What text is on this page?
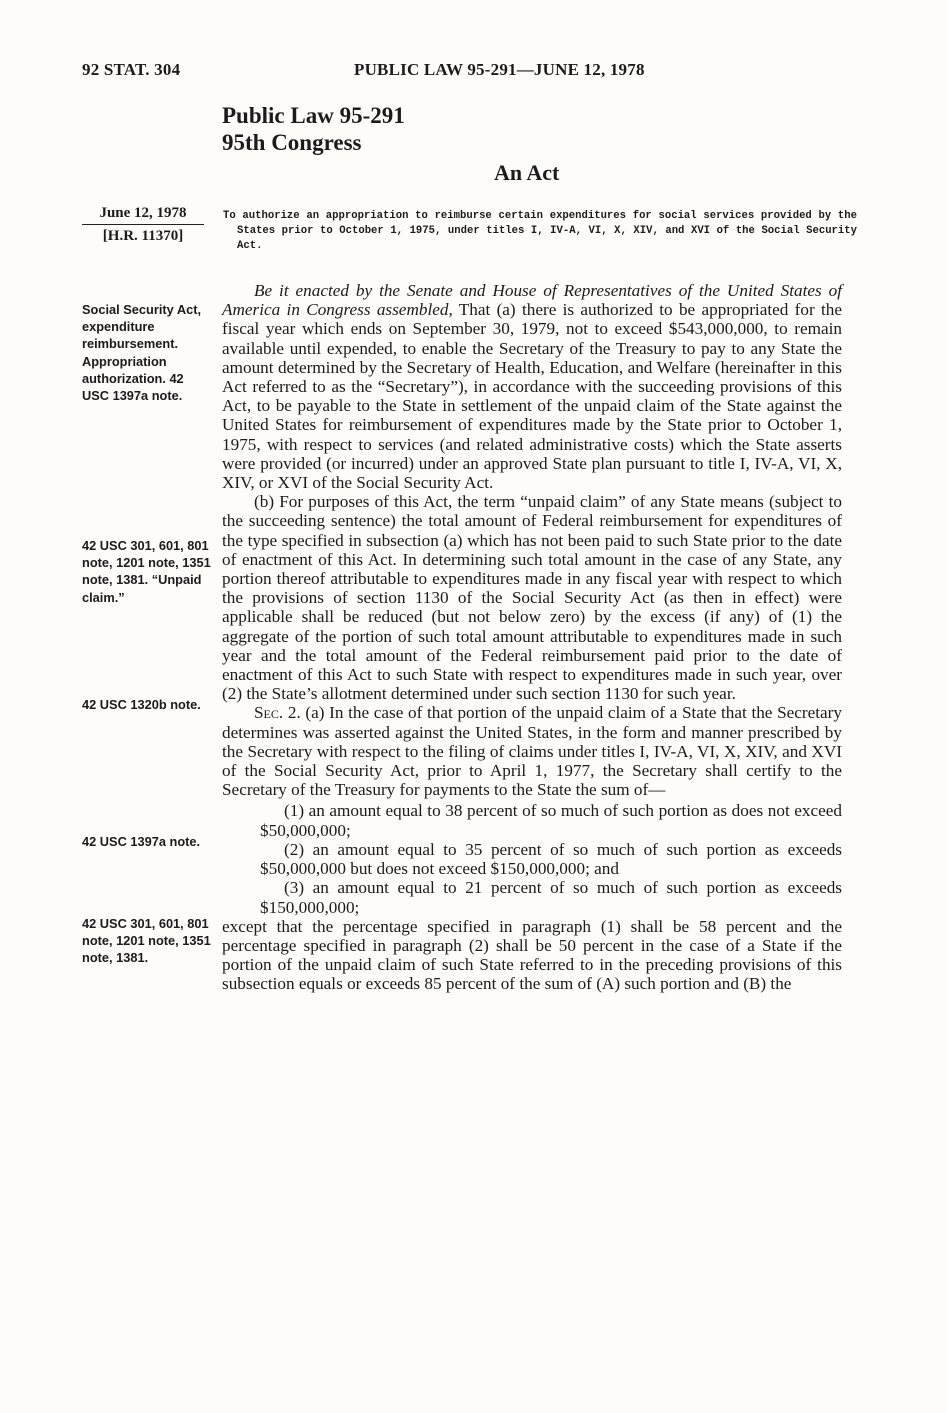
92 STAT. 304	PUBLIC LAW 95-291—JUNE 12, 1978
Public Law 95-291
95th Congress
An Act
June 12, 1978
[H.R. 11370]
To authorize an appropriation to reimburse certain expenditures for social services provided by the States prior to October 1, 1975, under titles I, IV-A, VI, X, XIV, and XVI of the Social Security Act.
Social Security Act, expenditure reimbursement. Appropriation authorization. 42 USC 1397a note.
42 USC 301, 601, 801 note, 1201 note, 1351 note, 1381. “Unpaid claim.”
42 USC 1320b note.
42 USC 1397a note.
42 USC 301, 601, 801 note, 1201 note, 1351 note, 1381.

Be it enacted by the Senate and House of Representatives of the United States of America in Congress assembled, That (a) there is authorized to be appropriated for the fiscal year which ends on September 30, 1979, not to exceed $543,000,000, to remain available until expended, to enable the Secretary of the Treasury to pay to any State the amount determined by the Secretary of Health, Education, and Welfare (hereinafter in this Act referred to as the “Secretary”), in accordance with the succeeding provisions of this Act, to be payable to the State in settlement of the unpaid claim of the State against the United States for reimbursement of expenditures made by the State prior to October 1, 1975, with respect to services (and related administrative costs) which the State asserts were provided (or incurred) under an approved State plan pursuant to title I, IV-A, VI, X, XIV, or XVI of the Social Security Act.

(b) For purposes of this Act, the term “unpaid claim” of any State means (subject to the succeeding sentence) the total amount of Federal reimbursement for expenditures of the type specified in subsection (a) which has not been paid to such State prior to the date of enactment of this Act. In determining such total amount in the case of any State, any portion thereof attributable to expenditures made in any fiscal year with respect to which the provisions of section 1130 of the Social Security Act (as then in effect) were applicable shall be reduced (but not below zero) by the excess (if any) of (1) the aggregate of the portion of such total amount attributable to expenditures made in such year and the total amount of the Federal reimbursement paid prior to the date of enactment of this Act to such State with respect to expenditures made in such year, over (2) the State’s allotment determined under such section 1130 for such year.

Sec. 2. (a) In the case of that portion of the unpaid claim of a State that the Secretary determines was asserted against the United States, in the form and manner prescribed by the Secretary with respect to the filing of claims under titles I, IV-A, VI, X, XIV, and XVI of the Social Security Act, prior to April 1, 1977, the Secretary shall certify to the Secretary of the Treasury for payments to the State the sum of—

(1) an amount equal to 38 percent of so much of such portion as does not exceed $50,000,000;

(2) an amount equal to 35 percent of so much of such portion as exceeds $50,000,000 but does not exceed $150,000,000; and

(3) an amount equal to 21 percent of so much of such portion as exceeds $150,000,000;

except that the percentage specified in paragraph (1) shall be 58 percent and the percentage specified in paragraph (2) shall be 50 percent in the case of a State if the portion of the unpaid claim of such State referred to in the preceding provisions of this subsection equals or exceeds 85 percent of the sum of (A) such portion and (B) the
